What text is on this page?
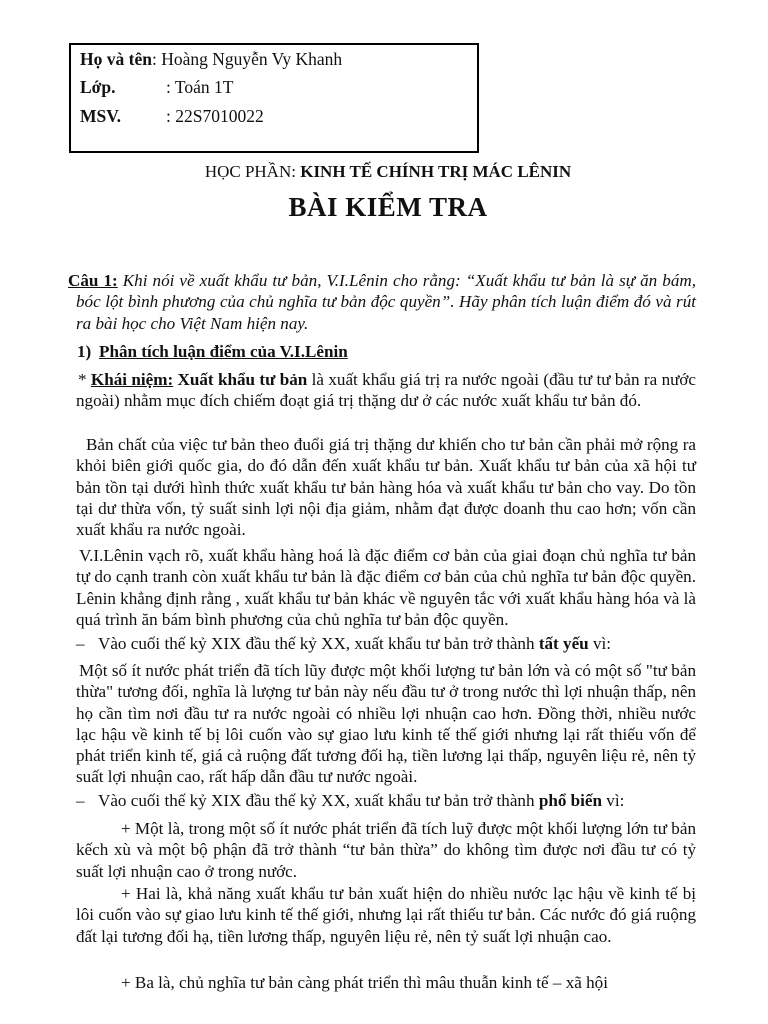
Họ và tên: Hoàng Nguyễn Vy Khanh
Lớp.	: Toán 1T
MSV.	: 22S7010022
HỌC PHẦN: KINH TẾ CHÍNH TRỊ MÁC LÊNIN
BÀI KIỂM TRA

Câu 1: Khi nói về xuất khẩu tư bản, V.I.Lênin cho rằng: “Xuất khẩu tư bản là sự ăn bám, bóc lột bình phương của chủ nghĩa tư bản độc quyền”. Hãy phân tích luận điểm đó và rút ra bài học cho Việt Nam hiện nay.

1) Phân tích luận điểm của V.I.Lênin

* Khái niệm: Xuất khẩu tư bản là xuất khẩu giá trị ra nước ngoài (đầu tư tư bản ra nước ngoài) nhằm mục đích chiếm đoạt giá trị thặng dư ở các nước xuất khẩu tư bản đó.

Bản chất của việc tư bản theo đuổi giá trị thặng dư khiến cho tư bản cần phải mở rộng ra khỏi biên giới quốc gia, do đó dẫn đến xuất khẩu tư bản. Xuất khẩu tư bản của xã hội tư bản tồn tại dưới hình thức xuất khẩu tư bản hàng hóa và xuất khẩu tư bản cho vay. Do tồn tại dư thừa vốn, tỷ suất sinh lợi nội địa giảm, nhằm đạt được doanh thu cao hơn; vốn cần xuất khẩu ra nước ngoài.

V.I.Lênin vạch rõ, xuất khẩu hàng hoá là đặc điểm cơ bản của giai đoạn chủ nghĩa tư bản tự do cạnh tranh còn xuất khẩu tư bản là đặc điểm cơ bản của chủ nghĩa tư bản độc quyền. Lênin khẳng định rằng , xuất khẩu tư bản khác về nguyên tắc với xuất khẩu hàng hóa và là quá trình ăn bám bình phương của chủ nghĩa tư bản độc quyền.

– Vào cuối thế kỷ XIX đầu thế kỷ XX, xuất khẩu tư bản trở thành tất yếu vì:

Một số ít nước phát triển đã tích lũy được một khối lượng tư bản lớn và có một số "tư bản thừa" tương đối, nghĩa là lượng tư bản này nếu đầu tư ở trong nước thì lợi nhuận thấp, nên họ cần tìm nơi đầu tư ra nước ngoài có nhiều lợi nhuận cao hơn. Đồng thời, nhiều nước lạc hậu về kinh tế bị lôi cuốn vào sự giao lưu kinh tế thế giới nhưng lại rất thiếu vốn để phát triển kinh tế, giá cả ruộng đất tương đối hạ, tiền lương lại thấp, nguyên liệu rẻ, nên tỷ suất lợi nhuận cao, rất hấp dẫn đầu tư nước ngoài.

– Vào cuối thế kỷ XIX đầu thế kỷ XX, xuất khẩu tư bản trở thành phổ biến vì:

+ Một là, trong một số ít nước phát triển đã tích luỹ được một khối lượng lớn tư bản kếch xù và một bộ phận đã trở thành “tư bản thừa” do không tìm được nơi đầu tư có tỷ suất lợi nhuận cao ở trong nước.

+ Hai là, khả năng xuất khẩu tư bản xuất hiện do nhiều nước lạc hậu về kinh tế bị lôi cuốn vào sự giao lưu kinh tế thế giới, nhưng lại rất thiếu tư bản. Các nước đó giá ruộng đất lại tương đối hạ, tiền lương thấp, nguyên liệu rẻ, nên tỷ suất lợi nhuận cao.

+ Ba là, chủ nghĩa tư bản càng phát triển thì mâu thuẫn kinh tế – xã hội
